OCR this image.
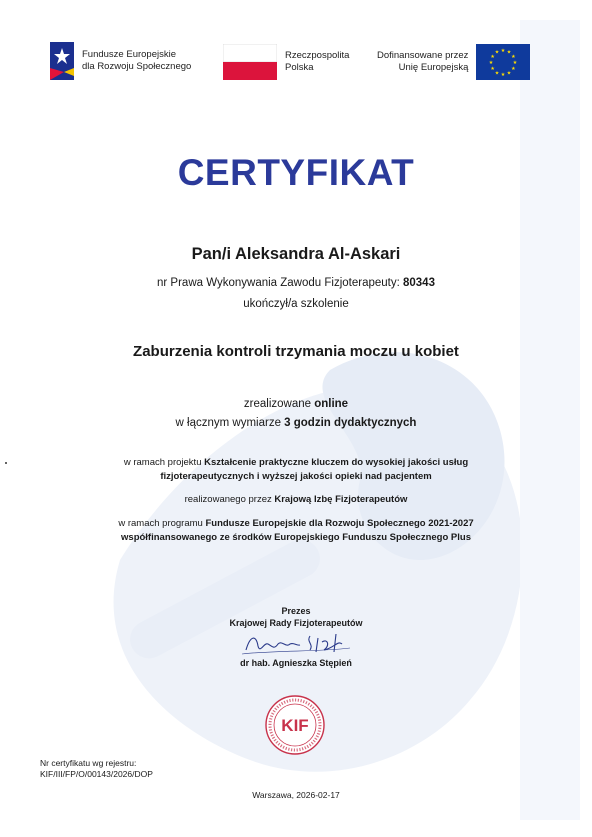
Fundusze Europejskie
dla Rozwoju Społecznego
Rzeczpospolita
Polska
Dofinansowane przez
Unię Europejską
★ ★
★
★
★
★
★
★
★
★
★
★
CERTYFIKAT
Pan/i Aleksandra Al-Askari
nr Prawa Wykonywania Zawodu Fizjoterapeuty: 80343
ukończył/a szkolenie
Zaburzenia kontroli trzymania moczu u kobiet
zrealizowane online
w łącznym wymiarze 3 godzin dydaktycznych
w ramach projektu Kształcenie praktyczne kluczem do wysokiej jakości usług
fizjoterapeutycznych i wyższej jakości opieki nad pacjentem
realizowanego przez Krajową Izbę Fizjoterapeutów
w ramach programu Fundusze Europejskie dla Rozwoju Społecznego 2021-2027
współfinansowanego ze środków Europejskiego Funduszu Społecznego Plus
Prezes
Krajowej Rady Fizjoterapeutów
dr hab. Agnieszka Stępień
KIF
Nr certyfikatu wg rejestru:
KIF/III/FP/O/00143/2026/DOP
Warszawa, 2026-02-17
